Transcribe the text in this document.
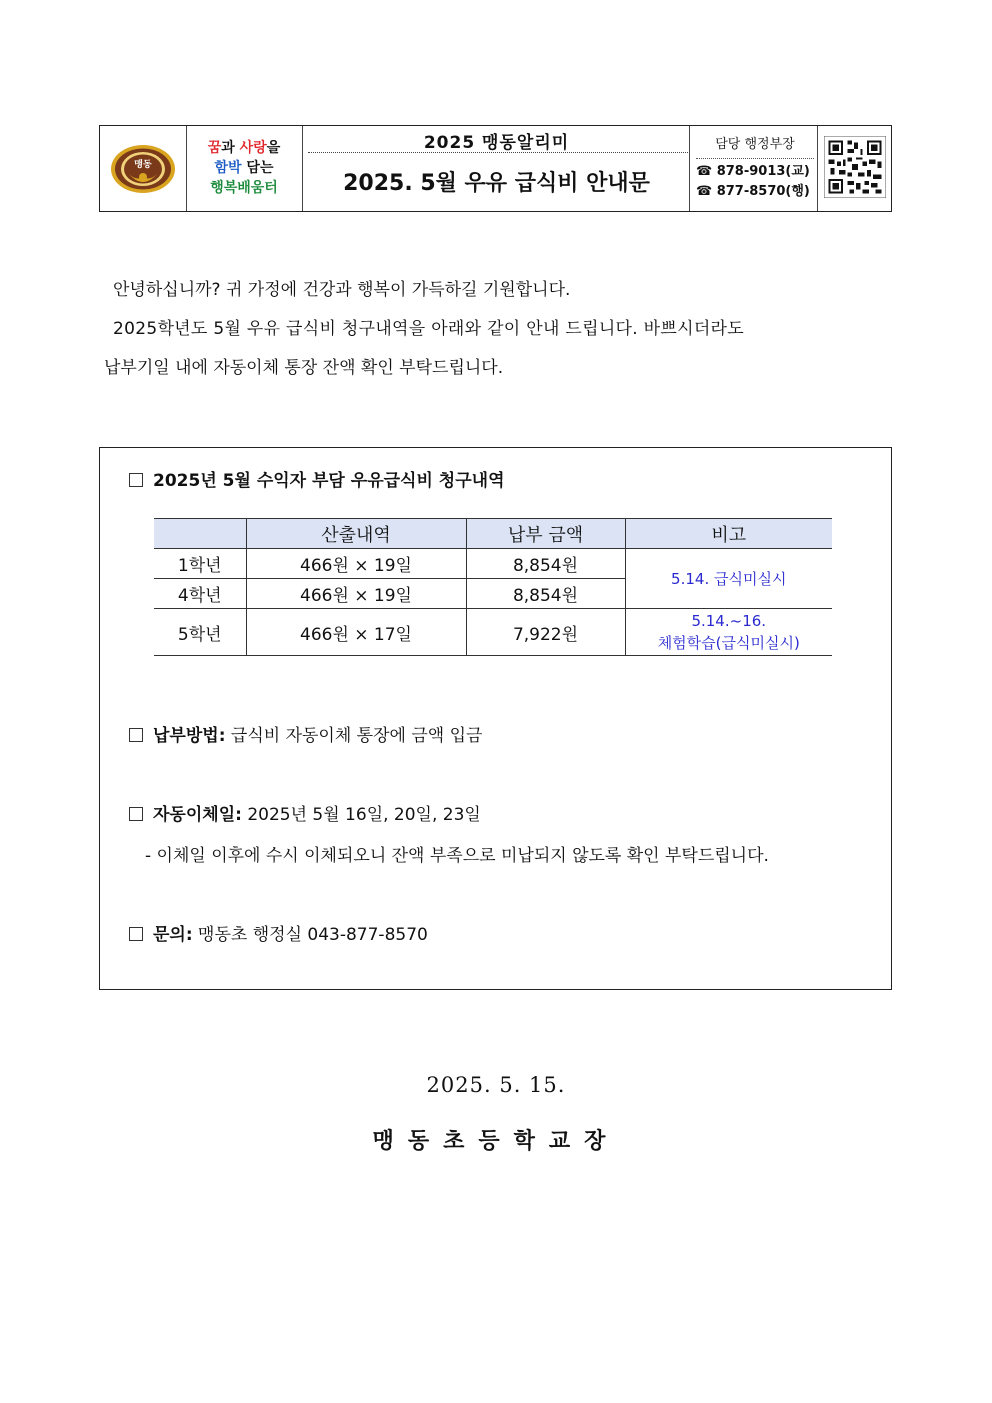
맹동
꿈과 사랑을
함박 담는
행복배움터
2025 맹동알리미
2025. 5월 우유 급식비 안내문
담당 행정부장
☎ 878-9013(교)
☎ 877-8570(행)

안녕하십니까? 귀 가정에 건강과 행복이 가득하길 기원합니다.

2025학년도 5월 우유 급식비 청구내역을 아래와 같이 안내 드립니다. 바쁘시더라도

납부기일 내에 자동이체 통장 잔액 확인 부탁드립니다.

2025년 5월 수익자 부담 우유급식비 청구내역
	산출내역	납부 금액	비고
1학년	466원 × 19일	8,854원	5.14. 급식미실시
4학년	466원 × 19일	8,854원	
5학년	466원 × 17일	7,922원	5.14.~16.
체험학습(급식미실시)
납부방법: 급식비 자동이체 통장에 금액 입금
자동이체일: 2025년 5월 16일, 20일, 23일
- 이체일 이후에 수시 이체되오니 잔액 부족으로 미납되지 않도록 확인 부탁드립니다.
문의: 맹동초 행정실 043-877-8570
2025. 5. 15.
맹동초등학교장
